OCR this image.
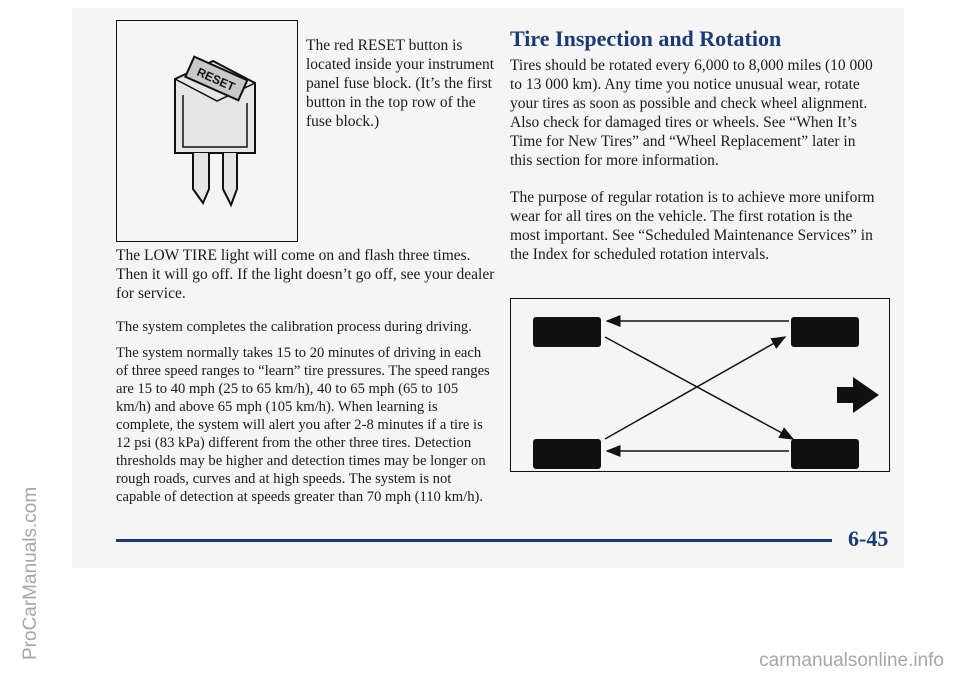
ProCarManuals.com
RESET

The red RESET button is located inside your instrument panel fuse block. (It’s the first button in the top row of the fuse block.)

The LOW TIRE light will come on and flash three times. Then it will go off. If the light doesn’t go off, see your dealer for service.

The system completes the calibration process during driving.

The system normally takes 15 to 20 minutes of driving in each of three speed ranges to “learn” tire pressures. The speed ranges are 15 to 40 mph (25 to 65 km/h), 40 to 65 mph (65 to 105 km/h) and above 65 mph (105 km/h). When learning is complete, the system will alert you after 2-8 minutes if a tire is 12 psi (83 kPa) different from the other three tires. Detection thresholds may be higher and detection times may be longer on rough roads, curves and at high speeds. The system is not capable of detection at speeds greater than 70 mph (110 km/h).

Tire Inspection and Rotation

Tires should be rotated every 6,000 to 8,000 miles (10 000 to 13 000 km). Any time you notice unusual wear, rotate your tires as soon as possible and check wheel alignment. Also check for damaged tires or wheels. See “When It’s Time for New Tires” and “Wheel Replacement” later in this section for more information.

The purpose of regular rotation is to achieve more uniform wear for all tires on the vehicle. The first rotation is the most important. See “Scheduled Maintenance Services” in the Index for scheduled rotation intervals.

6-45
carmanualsonline.info
